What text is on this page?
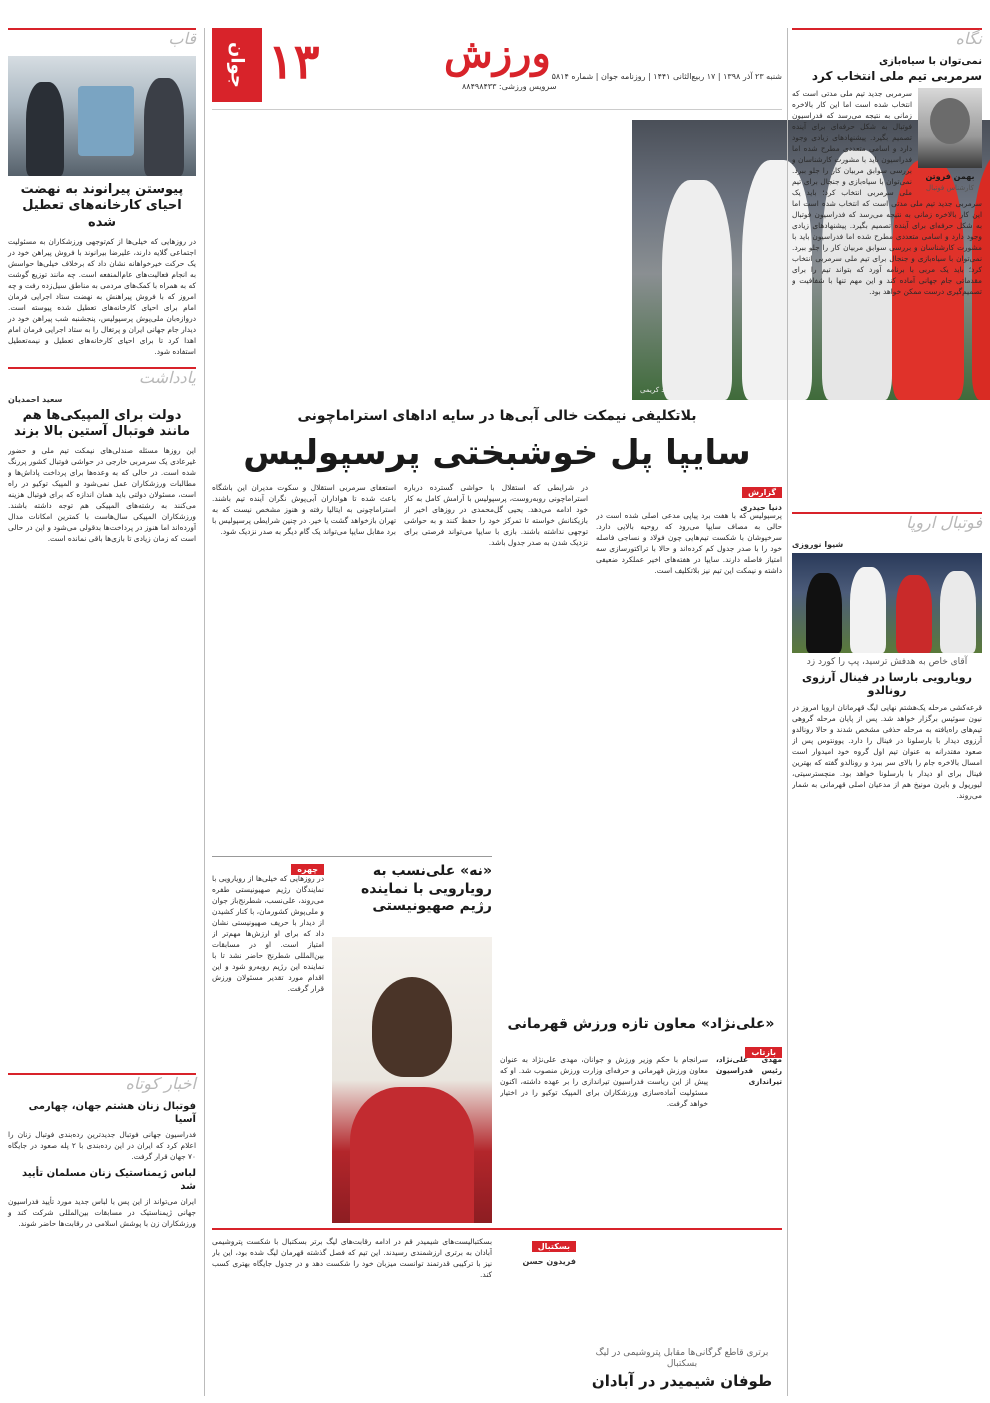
قاب
پیوستن پیرانوند به نهضت احیای کارخانه‌های تعطیل شده
در روزهایی که خیلی‌ها از کم‌توجهی ورزشکاران به مسئولیت اجتماعی گلایه دارند، علیرضا بیرانوند با فروش پیراهن خود در یک حرکت خیرخواهانه نشان داد که برخلاف خیلی‌ها حواسش به انجام فعالیت‌های عام‌المنفعه است. چه مانند توزیع گوشت که به همراه با کمک‌های مردمی به مناطق سیل‌زده رفت و چه امروز که با فروش پیراهنش به نهضت ستاد اجرایی فرمان امام برای احیای کارخانه‌های تعطیل شده پیوسته است. دروازه‌بان ملی‌پوش پرسپولیس، پنجشنبه شب پیراهن خود در دیدار جام جهانی ایران و پرتغال را به ستاد اجرایی فرمان امام اهدا کرد تا برای احیای کارخانه‌های تعطیل و نیمه‌تعطیل استفاده شود.
یادداشت
سعید احمدیان
دولت برای المپیکی‌ها هم مانند فوتبال آستین بالا بزند
این روزها مسئله صندلی‌های نیمکت تیم ملی و حضور غیرعادی یک سرمربی خارجی در حواشی فوتبال کشور پررنگ شده است. در حالی که به وعده‌ها برای پرداخت پاداش‌ها و مطالبات ورزشکاران عمل نمی‌شود و المپیک توکیو در راه است، مسئولان دولتی باید همان اندازه که برای فوتبال هزینه می‌کنند به رشته‌های المپیکی هم توجه داشته باشند. ورزشکاران المپیکی سال‌هاست با کمترین امکانات مدال آورده‌اند اما هنوز در پرداخت‌ها بدقولی می‌شود و این در حالی است که زمان زیادی تا بازی‌ها باقی نمانده است.
اخبار کوتاه
فوتبال زنان هشتم جهان، چهارمی آسیا
فدراسیون جهانی فوتبال جدیدترین رده‌بندی فوتبال زنان را اعلام کرد که ایران در این رده‌بندی با ۲ پله صعود در جایگاه ۷۰ جهان قرار گرفت.
لباس ژیمناستیک زنان مسلمان تأیید شد
ایران می‌تواند از این پس با لباس جدید مورد تأیید فدراسیون جهانی ژیمناستیک در مسابقات بین‌المللی شرکت کند و ورزشکاران زن با پوشش اسلامی در رقابت‌ها حاضر شوند.
جوان ۱۳	ورزش شنبه ۲۳ آذر ۱۳۹۸ | ۱۷ ربیع‌الثانی ۱۴۴۱ | روزنامه جوان | شماره ۵۸۱۴
سرویس ورزشی: ۸۸۴۹۸۴۳۳
عکس: محمد کریمی
بلاتکلیفی نیمکت خالی آبی‌ها در سایه اداهای استراماچونی
سایپا پل خوشبختی پرسپولیس
گزارش
دنیا حیدری
پرسپولیس که با هفت برد پیاپی مدعی اصلی شده است در حالی به مصاف سایپا می‌رود که روحیه بالایی دارد. سرخپوشان با شکست تیم‌هایی چون فولاد و نساجی فاصله خود را با صدر جدول کم کرده‌اند و حالا با تراکتورسازی سه امتیاز فاصله دارند. سایپا در هفته‌های اخیر عملکرد ضعیفی داشته و نیمکت این تیم نیز بلاتکلیف است.
در شرایطی که استقلال با حواشی گسترده درباره استراماچونی روبه‌روست، پرسپولیس با آرامش کامل به کار خود ادامه می‌دهد. یحیی گل‌محمدی در روزهای اخیر از بازیکنانش خواسته تا تمرکز خود را حفظ کنند و به حواشی توجهی نداشته باشند. بازی با سایپا می‌تواند فرصتی برای نزدیک شدن به صدر جدول باشد.
استعفای سرمربی استقلال و سکوت مدیران این باشگاه باعث شده تا هواداران آبی‌پوش نگران آینده تیم باشند. استراماچونی به ایتالیا رفته و هنوز مشخص نیست که به تهران بازخواهد گشت یا خیر. در چنین شرایطی پرسپولیس با برد مقابل سایپا می‌تواند یک گام دیگر به صدر نزدیک شود.
«نه» علی‌نسب به رویارویی با نماینده رژیم صهیونیستی
چهره
در روزهایی که خیلی‌ها از رویارویی با نمایندگان رژیم صهیونیستی طفره می‌روند، علی‌نسب، شطرنج‌باز جوان و ملی‌پوش کشورمان، با کنار کشیدن از دیدار با حریف صهیونیستی نشان داد که برای او ارزش‌ها مهم‌تر از امتیاز است. او در مسابقات بین‌المللی شطرنج حاضر نشد تا با نماینده این رژیم روبه‌رو شود و این اقدام مورد تقدیر مسئولان ورزش قرار گرفت.
«علی‌نژاد» معاون تازه ورزش قهرمانی
بازتاب
مهدی علی‌نژاد، رئیس فدراسیون تیراندازی
سرانجام با حکم وزیر ورزش و جوانان، مهدی علی‌نژاد به عنوان معاون ورزش قهرمانی و حرفه‌ای وزارت ورزش منصوب شد. او که پیش از این ریاست فدراسیون تیراندازی را بر عهده داشته، اکنون مسئولیت آماده‌سازی ورزشکاران برای المپیک توکیو را در اختیار خواهد گرفت.
برتری قاطع گرگانی‌ها مقابل پتروشیمی در لیگ بسکتبال
طوفان شیمیدر در آبادان
بسکتبال
فریدون حسن
بسکتبالیست‌های شیمیدر قم در ادامه رقابت‌های لیگ برتر بسکتبال با شکست پتروشیمی آبادان به برتری ارزشمندی رسیدند. این تیم که فصل گذشته قهرمان لیگ شده بود، این بار نیز با ترکیبی قدرتمند توانست میزبان خود را شکست دهد و در جدول جایگاه بهتری کسب کند.
نگاه
نمی‌توان با سیاه‌بازی
سرمربی تیم ملی انتخاب کرد
بهمن فروتن
کارشناس فوتبال
سرمربی جدید تیم ملی مدتی است که انتخاب شده است اما این کار بالاخره زمانی به نتیجه می‌رسد که فدراسیون فوتبال به شکل حرفه‌ای برای آینده تصمیم بگیرد. پیشنهادهای زیادی وجود دارد و اسامی متعددی مطرح شده اما فدراسیون باید با مشورت کارشناسان و بررسی سوابق مربیان کار را جلو ببرد. نمی‌توان با سیاه‌بازی و جنجال برای تیم ملی سرمربی انتخاب کرد؛ باید یک
سرمربی جدید تیم ملی مدتی است که انتخاب شده است اما این کار بالاخره زمانی به نتیجه می‌رسد که فدراسیون فوتبال به شکل حرفه‌ای برای آینده تصمیم بگیرد. پیشنهادهای زیادی وجود دارد و اسامی متعددی مطرح شده اما فدراسیون باید با مشورت کارشناسان و بررسی سوابق مربیان کار را جلو ببرد. نمی‌توان با سیاه‌بازی و جنجال برای تیم ملی سرمربی انتخاب کرد؛ باید یک مربی با برنامه آورد که بتواند تیم را برای مقدماتی جام جهانی آماده کند و این مهم تنها با شفافیت و تصمیم‌گیری درست ممکن خواهد بود.
فوتبال اروپا
شیوا نوروزی
آقای خاص به هدفش ترسید، پپ را کورد زد
رویارویی بارسا در فینال آرزوی رونالدو
قرعه‌کشی مرحله یک‌هشتم نهایی لیگ قهرمانان اروپا امروز در نیون سوئیس برگزار خواهد شد. پس از پایان مرحله گروهی تیم‌های راه‌یافته به مرحله حذفی مشخص شدند و حالا رونالدو آرزوی دیدار با بارسلونا در فینال را دارد. یوونتوس پس از صعود مقتدرانه به عنوان تیم اول گروه خود امیدوار است امسال بالاخره جام را بالای سر ببرد و رونالدو گفته که بهترین فینال برای او دیدار با بارسلونا خواهد بود. منچسترسیتی، لیورپول و بایرن مونیخ هم از مدعیان اصلی قهرمانی به شمار می‌روند.
